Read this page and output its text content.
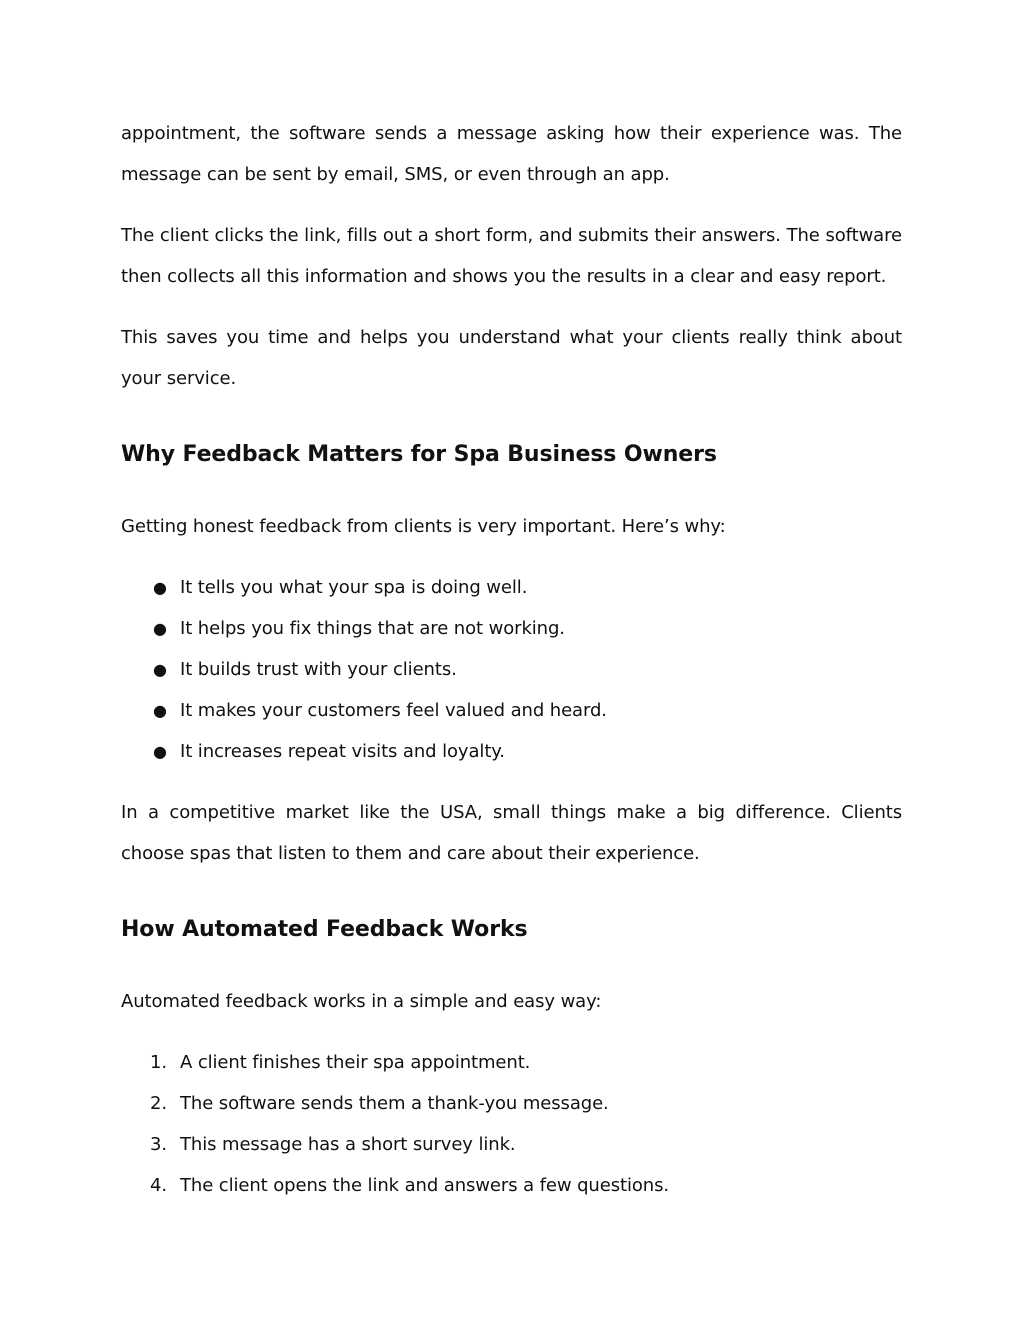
appointment, the software sends a message asking how their experience was. The message can be sent by email, SMS, or even through an app.

The client clicks the link, fills out a short form, and submits their answers. The software then collects all this information and shows you the results in a clear and easy report.

This saves you time and helps you understand what your clients really think about your service.

Why Feedback Matters for Spa Business Owners

Getting honest feedback from clients is very important. Here’s why:

● It tells you what your spa is doing well.
● It helps you fix things that are not working.
● It builds trust with your clients.
● It makes your customers feel valued and heard.
● It increases repeat visits and loyalty.

In a competitive market like the USA, small things make a big difference. Clients choose spas that listen to them and care about their experience.

How Automated Feedback Works

Automated feedback works in a simple and easy way:

1. A client finishes their spa appointment.
2. The software sends them a thank-you message.
3. This message has a short survey link.
4. The client opens the link and answers a few questions.
